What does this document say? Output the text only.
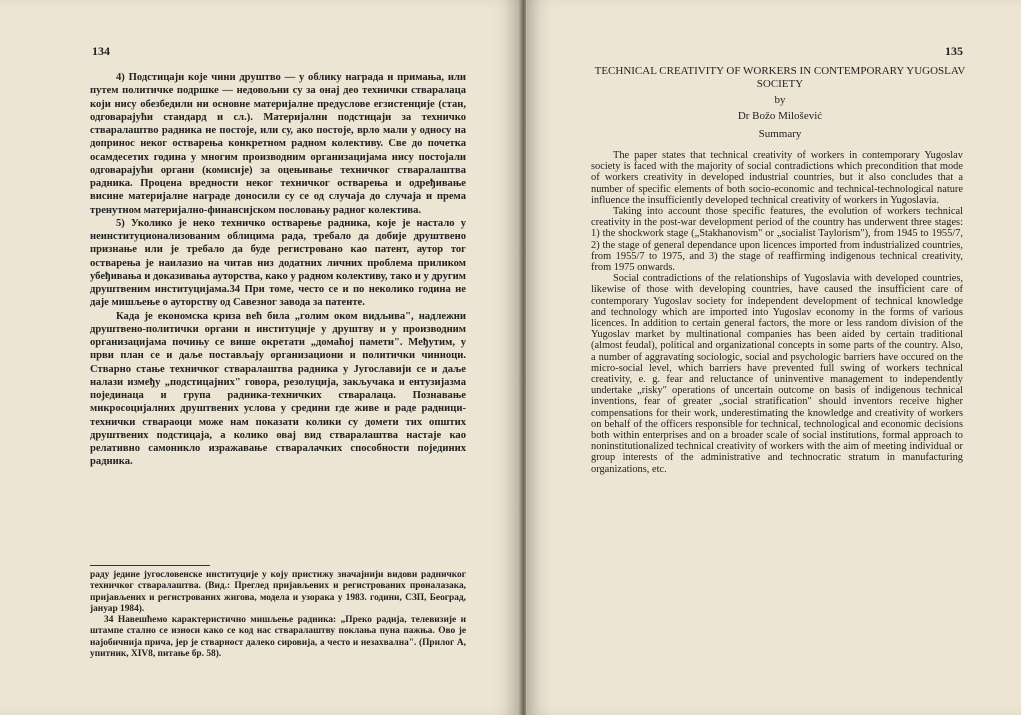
134	135

4) Подстицаји које чини друштво — у облику награда и примања, или путем политичке подршке — недовољни су за онај део технички стваралаца који нису обезбедили ни основне материјалне предуслове егзистенције (стан, одговарајући стандард и сл.). Материјални подстицаји за техничко стваралаштво радника не постоје, или су, ако постоје, врло мали у односу на допринос неког остварења конкретном радном колективу. Све до почетка осамдесетих година у многим производним организацијама нису постојали одговарајући органи (комисије) за оцењивање техничког стваралаштва радника. Процена вредности неког техничког остварења и одређивање висине материјалне награде доносили су се од случаја до случаја и према тренутном материјално-финансијском пословању радног колектива.

5) Уколико је неко техничко остварење радника, које је настало у неинституционализованим облицима рада, требало да добије друштвено признање или је требало да буде регистровано као патент, аутор тог остварења је наилазио на читав низ додатних личних проблема приликом убеђивања и доказивања ауторства, како у радном колективу, тако и у другим друштвеним институцијама.34 При томе, често се и по неколико година не даје мишљење о ауторству од Савезног завода за патенте.

Када је економска криза већ била „голим оком видљива", надлежни друштвено-политички органи и институције у друштву и у производним организацијама почињу се више окретати „домаћој памети". Међутим, у први план се и даље постављају организациони и политички чиниоци. Стварно стање техничког стваралаштва радника у Југославији се и даље налази између „подстицајних" говора, резолуција, закључака и ентузијазма појединаца и група радника-техничких стваралаца. Познавање микросоцијалних друштвених услова у средини где живе и раде радници-технички ствараоци може нам показати колики су домети тих општих друштвених подстицаја, а колико овај вид стваралаштва настаје као релативно самоникло изражавање стваралачких способности појединих радника.

раду једине југословенске институције у коју пристижу значајнији видови радничког техничког стваралаштва. (Вид.: Преглед пријављених и регистрованих проналазака, пријављених и регистрованих жигова, модела и узорака у 1983. години, СЗП, Београд, јануар 1984).

34 Навешћемо карактеристично мишљење радника: „Преко радија, телевизије и штампе стално се износи како се код нас стваралаштву поклања пуна пажња. Ово је најобичнија прича, јер је стварност далеко сировија, а често и незахвална". (Прилог А, упитник, XIV8, питање бр. 58).

TECHNICAL CREATIVITY OF WORKERS IN CONTEMPORARY YUGOSLAV SOCIETY
by
Dr Božo Milošević
Summary

The paper states that technical creativity of workers in contemporary Yugoslav society is faced with the majority of social contradictions which precondition that mode of workers creativity in developed industrial countries, but it also concludes that a number of specific elements of both socio-economic and technical-technological nature influence the insufficiently developed technical creativity of workers in Yugoslavia.

Taking into account those specific features, the evolution of workers technical creativity in the post-war development period of the country has underwent three stages: 1) the shockwork stage („Stakhanovism" or „socialist Taylorism"), from 1945 to 1955/7, 2) the stage of general dependance upon licences imported from industrialized countries, from 1955/7 to 1975, and 3) the stage of reaffirming indigenous technical creativity, from 1975 onwards.

Social contradictions of the relationships of Yugoslavia with developed countries, likewise of those with developing countries, have caused the insufficient care of contemporary Yugoslav society for independent development of technical knowledge and technology which are imported into Yugoslav economy in the forms of various licences. In addition to certain general factors, the more or less random division of the Yugoslav market by multinational companies has been aided by certain traditional (almost feudal), political and organizational concepts in some parts of the country. Also, a number of aggravating sociologic, social and psychologic barriers have occured on the micro-social level, which barriers have prevented full swing of workers technical creativity, e. g. fear and reluctance of uninventive management to independently undertake „risky" operations of uncertain outcome on basis of indigenous technical inventions, fear of greater „social stratification" should inventors receive higher compensations for their work, underestimating the knowledge and creativity of workers on behalf of the officers responsible for technical, technological and economic decisions both within enterprises and on a broader scale of social institutions, formal approach to noninstitutionalized technical creativity of workers with the aim of meeting individual or group interests of the administrative and technocratic stratum in manufacturing organizations, etc.
